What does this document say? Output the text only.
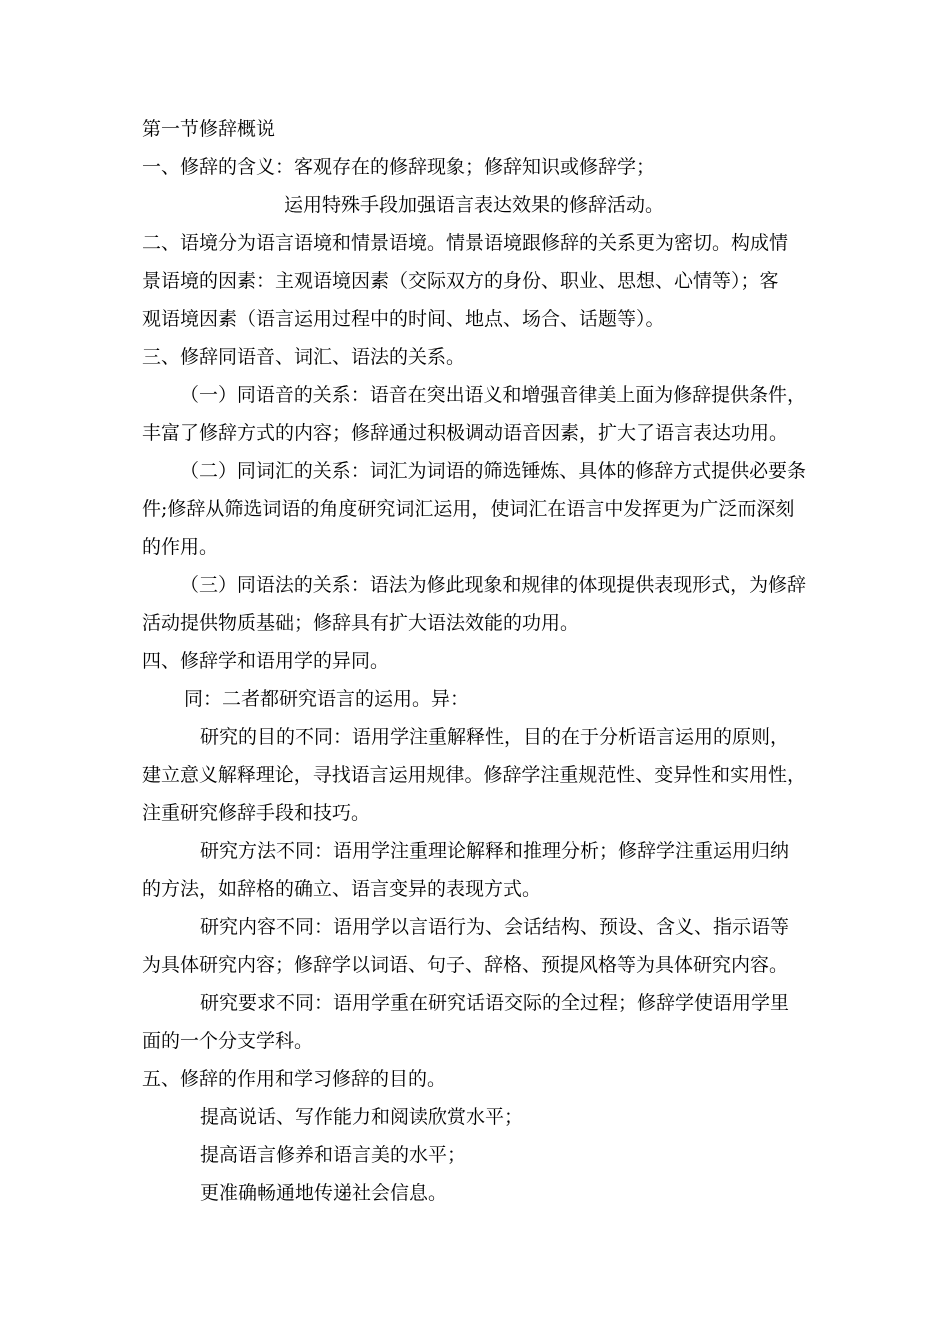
第一节修辞概说
一、修辞的含义：客观存在的修辞现象；修辞知识或修辞学；
运用特殊手段加强语言表达效果的修辞活动。
二、语境分为语言语境和情景语境。情景语境跟修辞的关系更为密切。构成情
景语境的因素：主观语境因素（交际双方的身份、职业、思想、心情等）；客
观语境因素（语言运用过程中的时间、地点、场合、话题等）。
三、修辞同语音、词汇、语法的关系。
（一）同语音的关系：语音在突出语义和增强音律美上面为修辞提供条件，
丰富了修辞方式的内容；修辞通过积极调动语音因素，扩大了语言表达功用。
（二）同词汇的关系：词汇为词语的筛选锤炼、具体的修辞方式提供必要条
件;修辞从筛选词语的角度研究词汇运用，使词汇在语言中发挥更为广泛而深刻
的作用。
（三）同语法的关系：语法为修此现象和规律的体现提供表现形式，为修辞
活动提供物质基础；修辞具有扩大语法效能的功用。
四、修辞学和语用学的异同。
同：二者都研究语言的运用。异：
研究的目的不同：语用学注重解释性，目的在于分析语言运用的原则，
建立意义解释理论，寻找语言运用规律。修辞学注重规范性、变异性和实用性，
注重研究修辞手段和技巧。
研究方法不同：语用学注重理论解释和推理分析；修辞学注重运用归纳
的方法，如辞格的确立、语言变异的表现方式。
研究内容不同：语用学以言语行为、会话结构、预设、含义、指示语等
为具体研究内容；修辞学以词语、句子、辞格、预提风格等为具体研究内容。
研究要求不同：语用学重在研究话语交际的全过程；修辞学使语用学里
面的一个分支学科。
五、修辞的作用和学习修辞的目的。
提高说话、写作能力和阅读欣赏水平；
提高语言修养和语言美的水平；
更准确畅通地传递社会信息。
